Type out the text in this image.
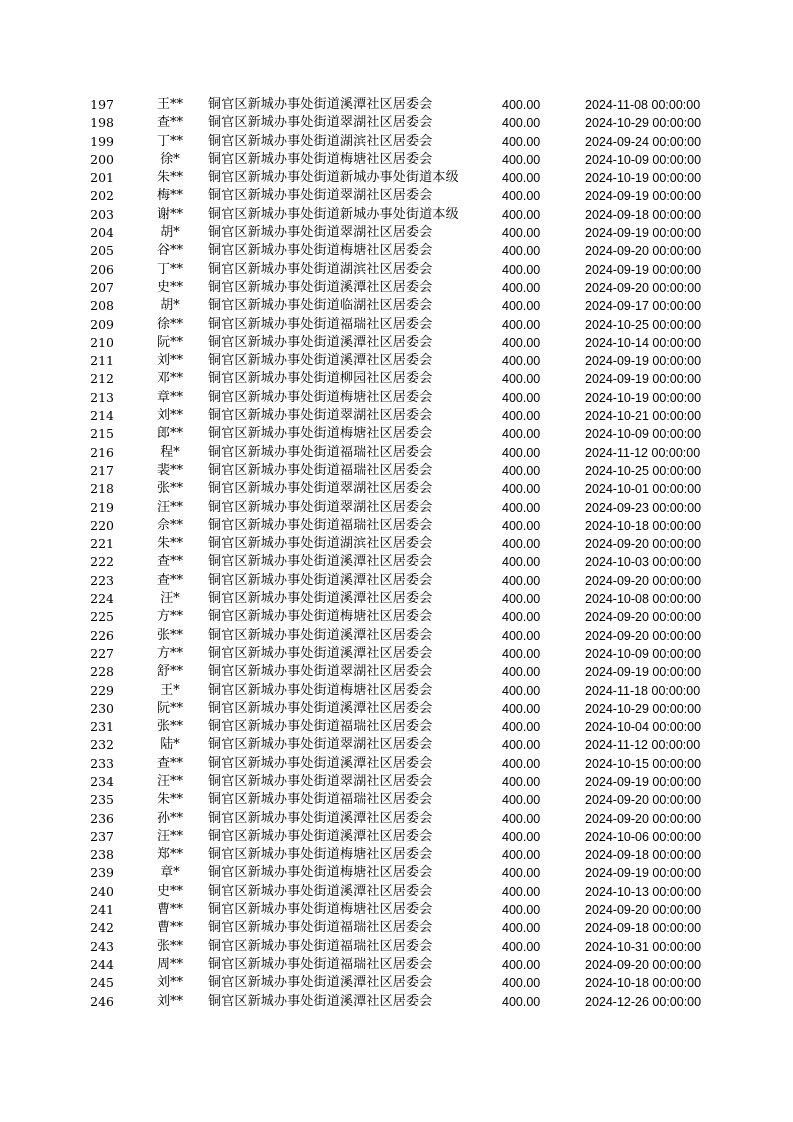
197	王**	铜官区新城办事处街道溪潭社区居委会	400.00	2024-11-08 00:00:00
198	查**	铜官区新城办事处街道翠湖社区居委会	400.00	2024-10-29 00:00:00
199	丁**	铜官区新城办事处街道湖滨社区居委会	400.00	2024-09-24 00:00:00
200	徐*	铜官区新城办事处街道梅塘社区居委会	400.00	2024-10-09 00:00:00
201	朱**	铜官区新城办事处街道新城办事处街道本级	400.00	2024-10-19 00:00:00
202	梅**	铜官区新城办事处街道翠湖社区居委会	400.00	2024-09-19 00:00:00
203	谢**	铜官区新城办事处街道新城办事处街道本级	400.00	2024-09-18 00:00:00
204	胡*	铜官区新城办事处街道翠湖社区居委会	400.00	2024-09-19 00:00:00
205	谷**	铜官区新城办事处街道梅塘社区居委会	400.00	2024-09-20 00:00:00
206	丁**	铜官区新城办事处街道湖滨社区居委会	400.00	2024-09-19 00:00:00
207	史**	铜官区新城办事处街道溪潭社区居委会	400.00	2024-09-20 00:00:00
208	胡*	铜官区新城办事处街道临湖社区居委会	400.00	2024-09-17 00:00:00
209	徐**	铜官区新城办事处街道福瑞社区居委会	400.00	2024-10-25 00:00:00
210	阮**	铜官区新城办事处街道溪潭社区居委会	400.00	2024-10-14 00:00:00
211	刘**	铜官区新城办事处街道溪潭社区居委会	400.00	2024-09-19 00:00:00
212	邓**	铜官区新城办事处街道柳园社区居委会	400.00	2024-09-19 00:00:00
213	章**	铜官区新城办事处街道梅塘社区居委会	400.00	2024-10-19 00:00:00
214	刘**	铜官区新城办事处街道翠湖社区居委会	400.00	2024-10-21 00:00:00
215	郎**	铜官区新城办事处街道梅塘社区居委会	400.00	2024-10-09 00:00:00
216	程*	铜官区新城办事处街道福瑞社区居委会	400.00	2024-11-12 00:00:00
217	裴**	铜官区新城办事处街道福瑞社区居委会	400.00	2024-10-25 00:00:00
218	张**	铜官区新城办事处街道翠湖社区居委会	400.00	2024-10-01 00:00:00
219	汪**	铜官区新城办事处街道翠湖社区居委会	400.00	2024-09-23 00:00:00
220	佘**	铜官区新城办事处街道福瑞社区居委会	400.00	2024-10-18 00:00:00
221	朱**	铜官区新城办事处街道湖滨社区居委会	400.00	2024-09-20 00:00:00
222	查**	铜官区新城办事处街道溪潭社区居委会	400.00	2024-10-03 00:00:00
223	查**	铜官区新城办事处街道溪潭社区居委会	400.00	2024-09-20 00:00:00
224	汪*	铜官区新城办事处街道溪潭社区居委会	400.00	2024-10-08 00:00:00
225	方**	铜官区新城办事处街道梅塘社区居委会	400.00	2024-09-20 00:00:00
226	张**	铜官区新城办事处街道溪潭社区居委会	400.00	2024-09-20 00:00:00
227	方**	铜官区新城办事处街道溪潭社区居委会	400.00	2024-10-09 00:00:00
228	舒**	铜官区新城办事处街道翠湖社区居委会	400.00	2024-09-19 00:00:00
229	王*	铜官区新城办事处街道梅塘社区居委会	400.00	2024-11-18 00:00:00
230	阮**	铜官区新城办事处街道溪潭社区居委会	400.00	2024-10-29 00:00:00
231	张**	铜官区新城办事处街道福瑞社区居委会	400.00	2024-10-04 00:00:00
232	陆*	铜官区新城办事处街道翠湖社区居委会	400.00	2024-11-12 00:00:00
233	查**	铜官区新城办事处街道溪潭社区居委会	400.00	2024-10-15 00:00:00
234	汪**	铜官区新城办事处街道翠湖社区居委会	400.00	2024-09-19 00:00:00
235	朱**	铜官区新城办事处街道福瑞社区居委会	400.00	2024-09-20 00:00:00
236	孙**	铜官区新城办事处街道溪潭社区居委会	400.00	2024-09-20 00:00:00
237	汪**	铜官区新城办事处街道溪潭社区居委会	400.00	2024-10-06 00:00:00
238	郑**	铜官区新城办事处街道梅塘社区居委会	400.00	2024-09-18 00:00:00
239	章*	铜官区新城办事处街道梅塘社区居委会	400.00	2024-09-19 00:00:00
240	史**	铜官区新城办事处街道溪潭社区居委会	400.00	2024-10-13 00:00:00
241	曹**	铜官区新城办事处街道梅塘社区居委会	400.00	2024-09-20 00:00:00
242	曹**	铜官区新城办事处街道福瑞社区居委会	400.00	2024-09-18 00:00:00
243	张**	铜官区新城办事处街道福瑞社区居委会	400.00	2024-10-31 00:00:00
244	周**	铜官区新城办事处街道福瑞社区居委会	400.00	2024-09-20 00:00:00
245	刘**	铜官区新城办事处街道溪潭社区居委会	400.00	2024-10-18 00:00:00
246	刘**	铜官区新城办事处街道溪潭社区居委会	400.00	2024-12-26 00:00:00
